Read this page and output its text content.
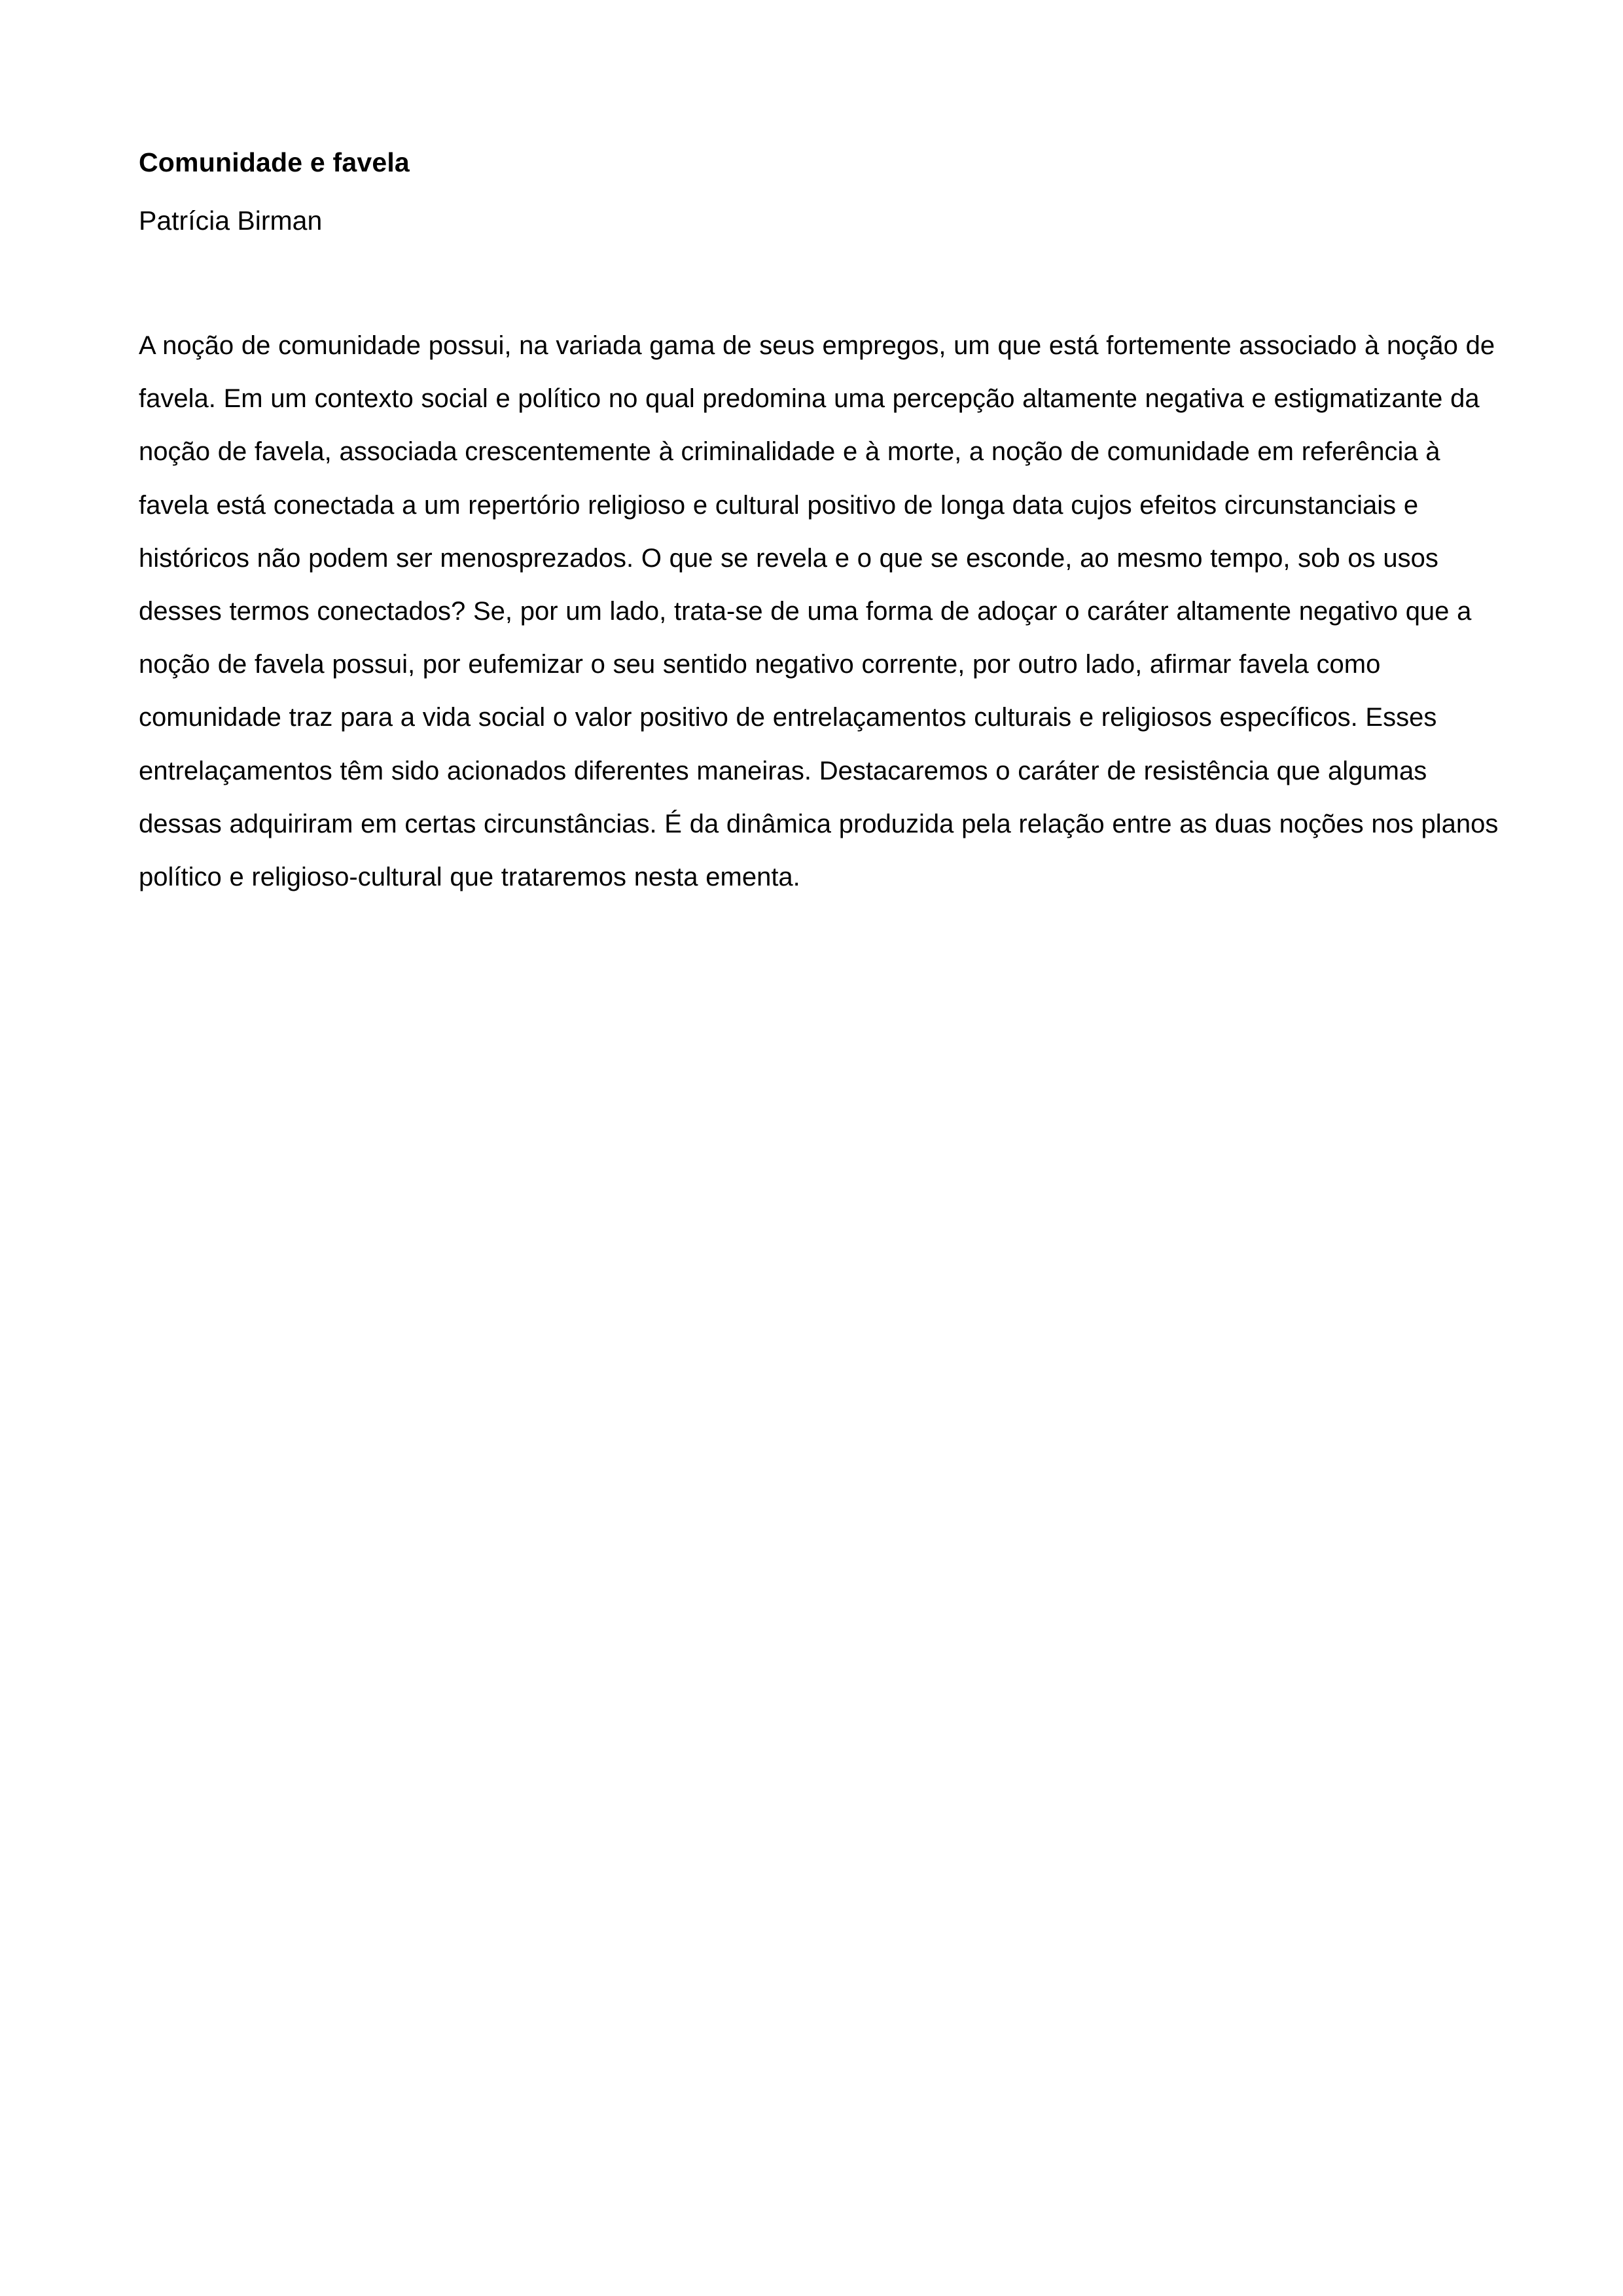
Comunidade e favela

Patrícia Birman

A noção de comunidade possui, na variada gama de seus empregos, um que está fortemente associado à noção de favela. Em um contexto social e político no qual predomina uma percepção altamente negativa e estigmatizante da noção de favela, associada crescentemente à criminalidade e à morte, a noção de comunidade em referência à favela está conectada a um repertório religioso e cultural positivo de longa data cujos efeitos circunstanciais e históricos não podem ser menosprezados. O que se revela e o que se esconde, ao mesmo tempo, sob os usos desses termos conectados? Se, por um lado, trata-se de uma forma de adoçar o caráter altamente negativo que a noção de favela possui, por eufemizar o seu sentido negativo corrente, por outro lado, afirmar favela como comunidade traz para a vida social o valor positivo de entrelaçamentos culturais e religiosos específicos. Esses entrelaçamentos têm sido acionados diferentes maneiras. Destacaremos o caráter de resistência que algumas dessas adquiriram em certas circunstâncias. É da dinâmica produzida pela relação entre as duas noções nos planos político e religioso-cultural que trataremos nesta ementa.
